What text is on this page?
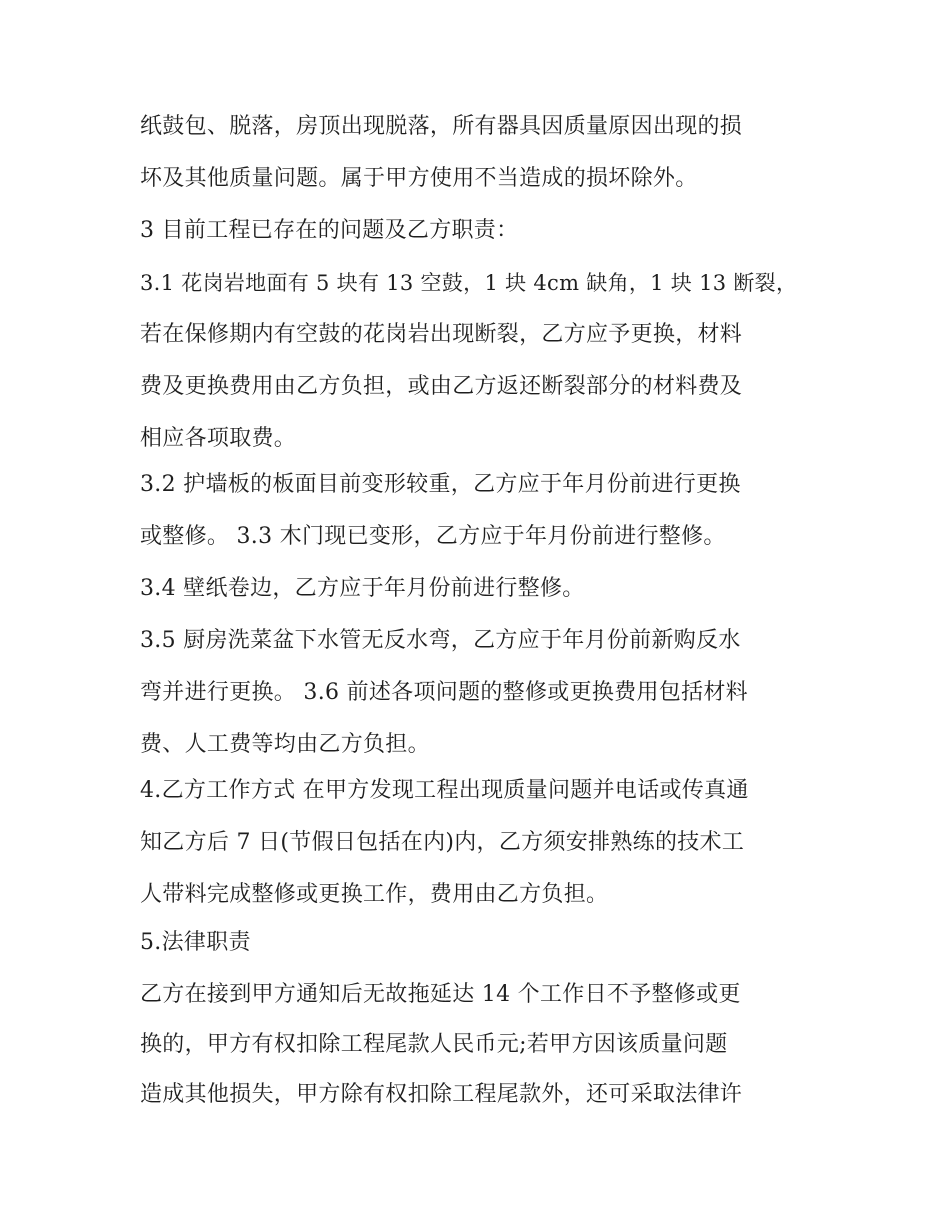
纸鼓包、脱落，房顶出现脱落，所有器具因质量原因出现的损
坏及其他质量问题。属于甲方使用不当造成的损坏除外。
3 目前工程已存在的问题及乙方职责：
3.1 花岗岩地面有 5 块有 13 空鼓，1 块 4cm 缺角，1 块 13 断裂，
若在保修期内有空鼓的花岗岩出现断裂，乙方应予更换，材料
费及更换费用由乙方负担，或由乙方返还断裂部分的材料费及
相应各项取费。
3.2 护墙板的板面目前变形较重，乙方应于年月份前进行更换
或整修。 3.3 木门现已变形，乙方应于年月份前进行整修。
3.4 壁纸卷边，乙方应于年月份前进行整修。
3.5 厨房洗菜盆下水管无反水弯，乙方应于年月份前新购反水
弯并进行更换。 3.6 前述各项问题的整修或更换费用包括材料
费、人工费等均由乙方负担。
4.乙方工作方式 在甲方发现工程出现质量问题并电话或传真通
知乙方后 7 日(节假日包括在内)内，乙方须安排熟练的技术工
人带料完成整修或更换工作，费用由乙方负担。
5.法律职责
乙方在接到甲方通知后无故拖延达 14 个工作日不予整修或更
换的，甲方有权扣除工程尾款人民币元;若甲方因该质量问题
造成其他损失，甲方除有权扣除工程尾款外，还可采取法律许
